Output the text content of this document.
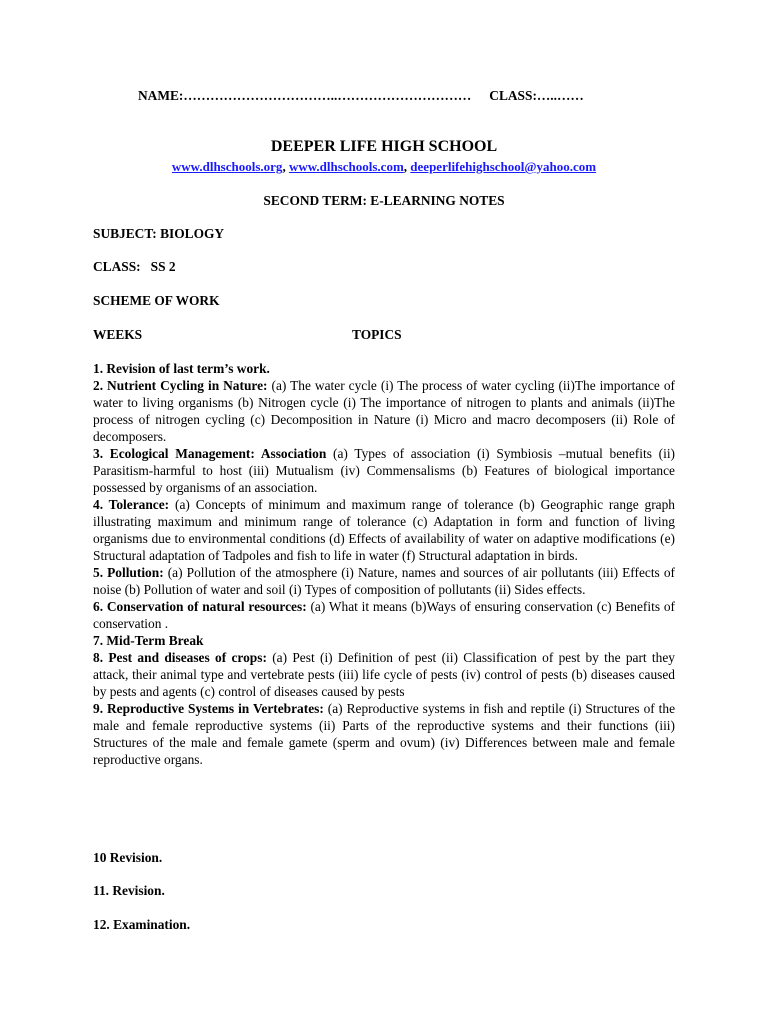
NAME:……………………………..………………………… CLASS:…..……
DEEPER LIFE HIGH SCHOOL
www.dlhschools.org, www.dlhschools.com, deeperlifehighschool@yahoo.com
SECOND TERM: E-LEARNING NOTES
SUBJECT: BIOLOGY
CLASS:   SS 2
SCHEME OF WORK
WEEKS	TOPICS

1. Revision of last term’s work.

2. Nutrient Cycling in Nature: (a) The water cycle (i) The process of water cycling (ii)The importance of water to living organisms (b) Nitrogen cycle (i) The importance of nitrogen to plants and animals (ii)The process of nitrogen cycling (c) Decomposition in Nature (i) Micro and macro decomposers (ii) Role of decomposers.

3. Ecological Management: Association (a) Types of association (i) Symbiosis –mutual benefits (ii) Parasitism-harmful to host (iii) Mutualism (iv) Commensalisms (b) Features of biological importance possessed by organisms of an association.

4. Tolerance: (a) Concepts of minimum and maximum range of tolerance (b) Geographic range graph illustrating maximum and minimum range of tolerance (c) Adaptation in form and function of living organisms due to environmental conditions (d) Effects of availability of water on adaptive modifications (e) Structural adaptation of Tadpoles and fish to life in water (f) Structural adaptation in birds.

5. Pollution: (a) Pollution of the atmosphere (i) Nature, names and sources of air pollutants (iii) Effects of noise (b) Pollution of water and soil (i) Types of composition of pollutants (ii) Sides effects.

6. Conservation of natural resources: (a) What it means (b)Ways of ensuring conservation (c) Benefits of conservation .

7. Mid-Term Break

8. Pest and diseases of crops: (a) Pest (i) Definition of pest (ii) Classification of pest by the part they attack, their animal type and vertebrate pests (iii) life cycle of pests (iv) control of pests (b) diseases caused by pests and agents (c) control of diseases caused by pests

9. Reproductive Systems in Vertebrates: (a) Reproductive systems in fish and reptile (i) Structures of the male and female reproductive systems (ii) Parts of the reproductive systems and their functions (iii) Structures of the male and female gamete (sperm and ovum) (iv) Differences between male and female reproductive organs.

10 Revision.
11. Revision.
12. Examination.
